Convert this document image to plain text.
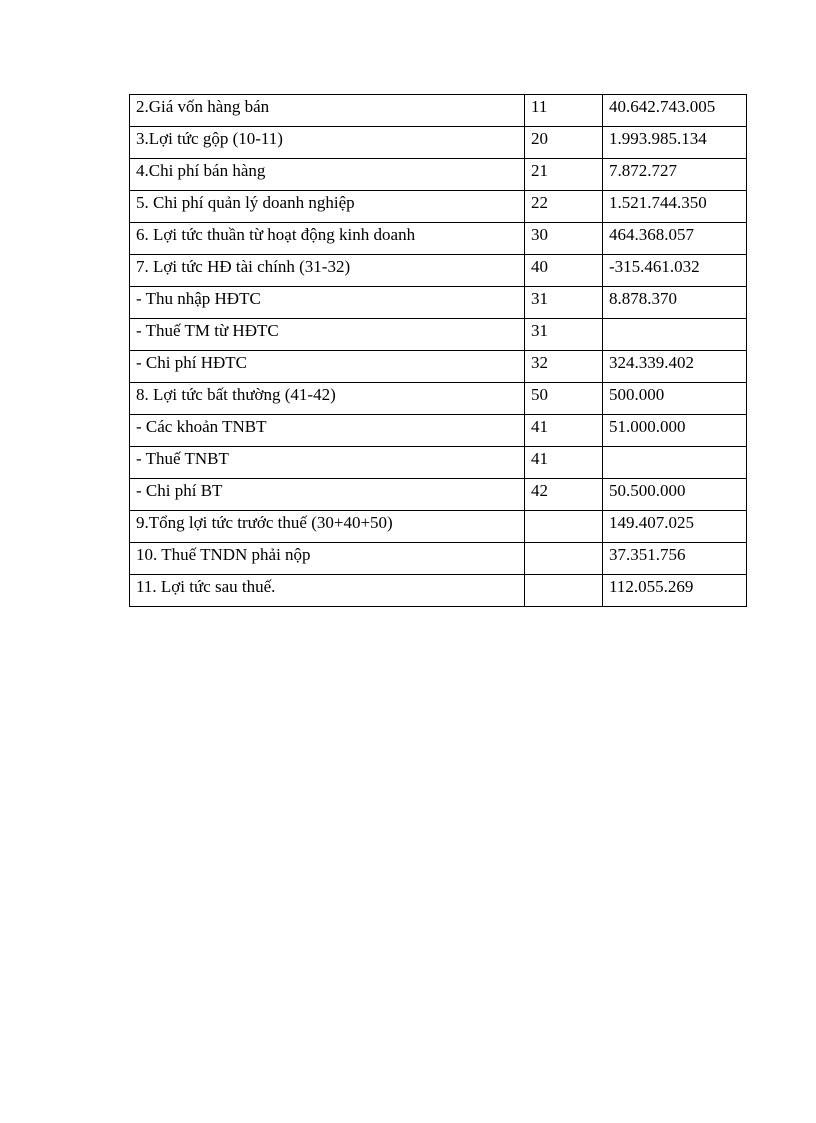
2.Giá vốn hàng bán	11	40.642.743.005
3.Lợi tức gộp (10-11)	20	1.993.985.134
4.Chi phí bán hàng	21	7.872.727
5. Chi phí quản lý doanh nghiệp	22	1.521.744.350
6. Lợi tức thuần từ hoạt động kinh doanh	30	464.368.057
7. Lợi tức HĐ tài chính (31-32)	40	-315.461.032
- Thu nhập HĐTC	31	8.878.370
- Thuế TM từ HĐTC	31	
- Chi phí HĐTC	32	324.339.402
8. Lợi tức bất thường (41-42)	50	500.000
- Các khoản TNBT	41	51.000.000
- Thuế TNBT	41	
- Chi phí BT	42	50.500.000
9.Tổng lợi tức trước thuế (30+40+50)		149.407.025
10. Thuế TNDN phải nộp		37.351.756
11. Lợi tức sau thuế.		112.055.269
